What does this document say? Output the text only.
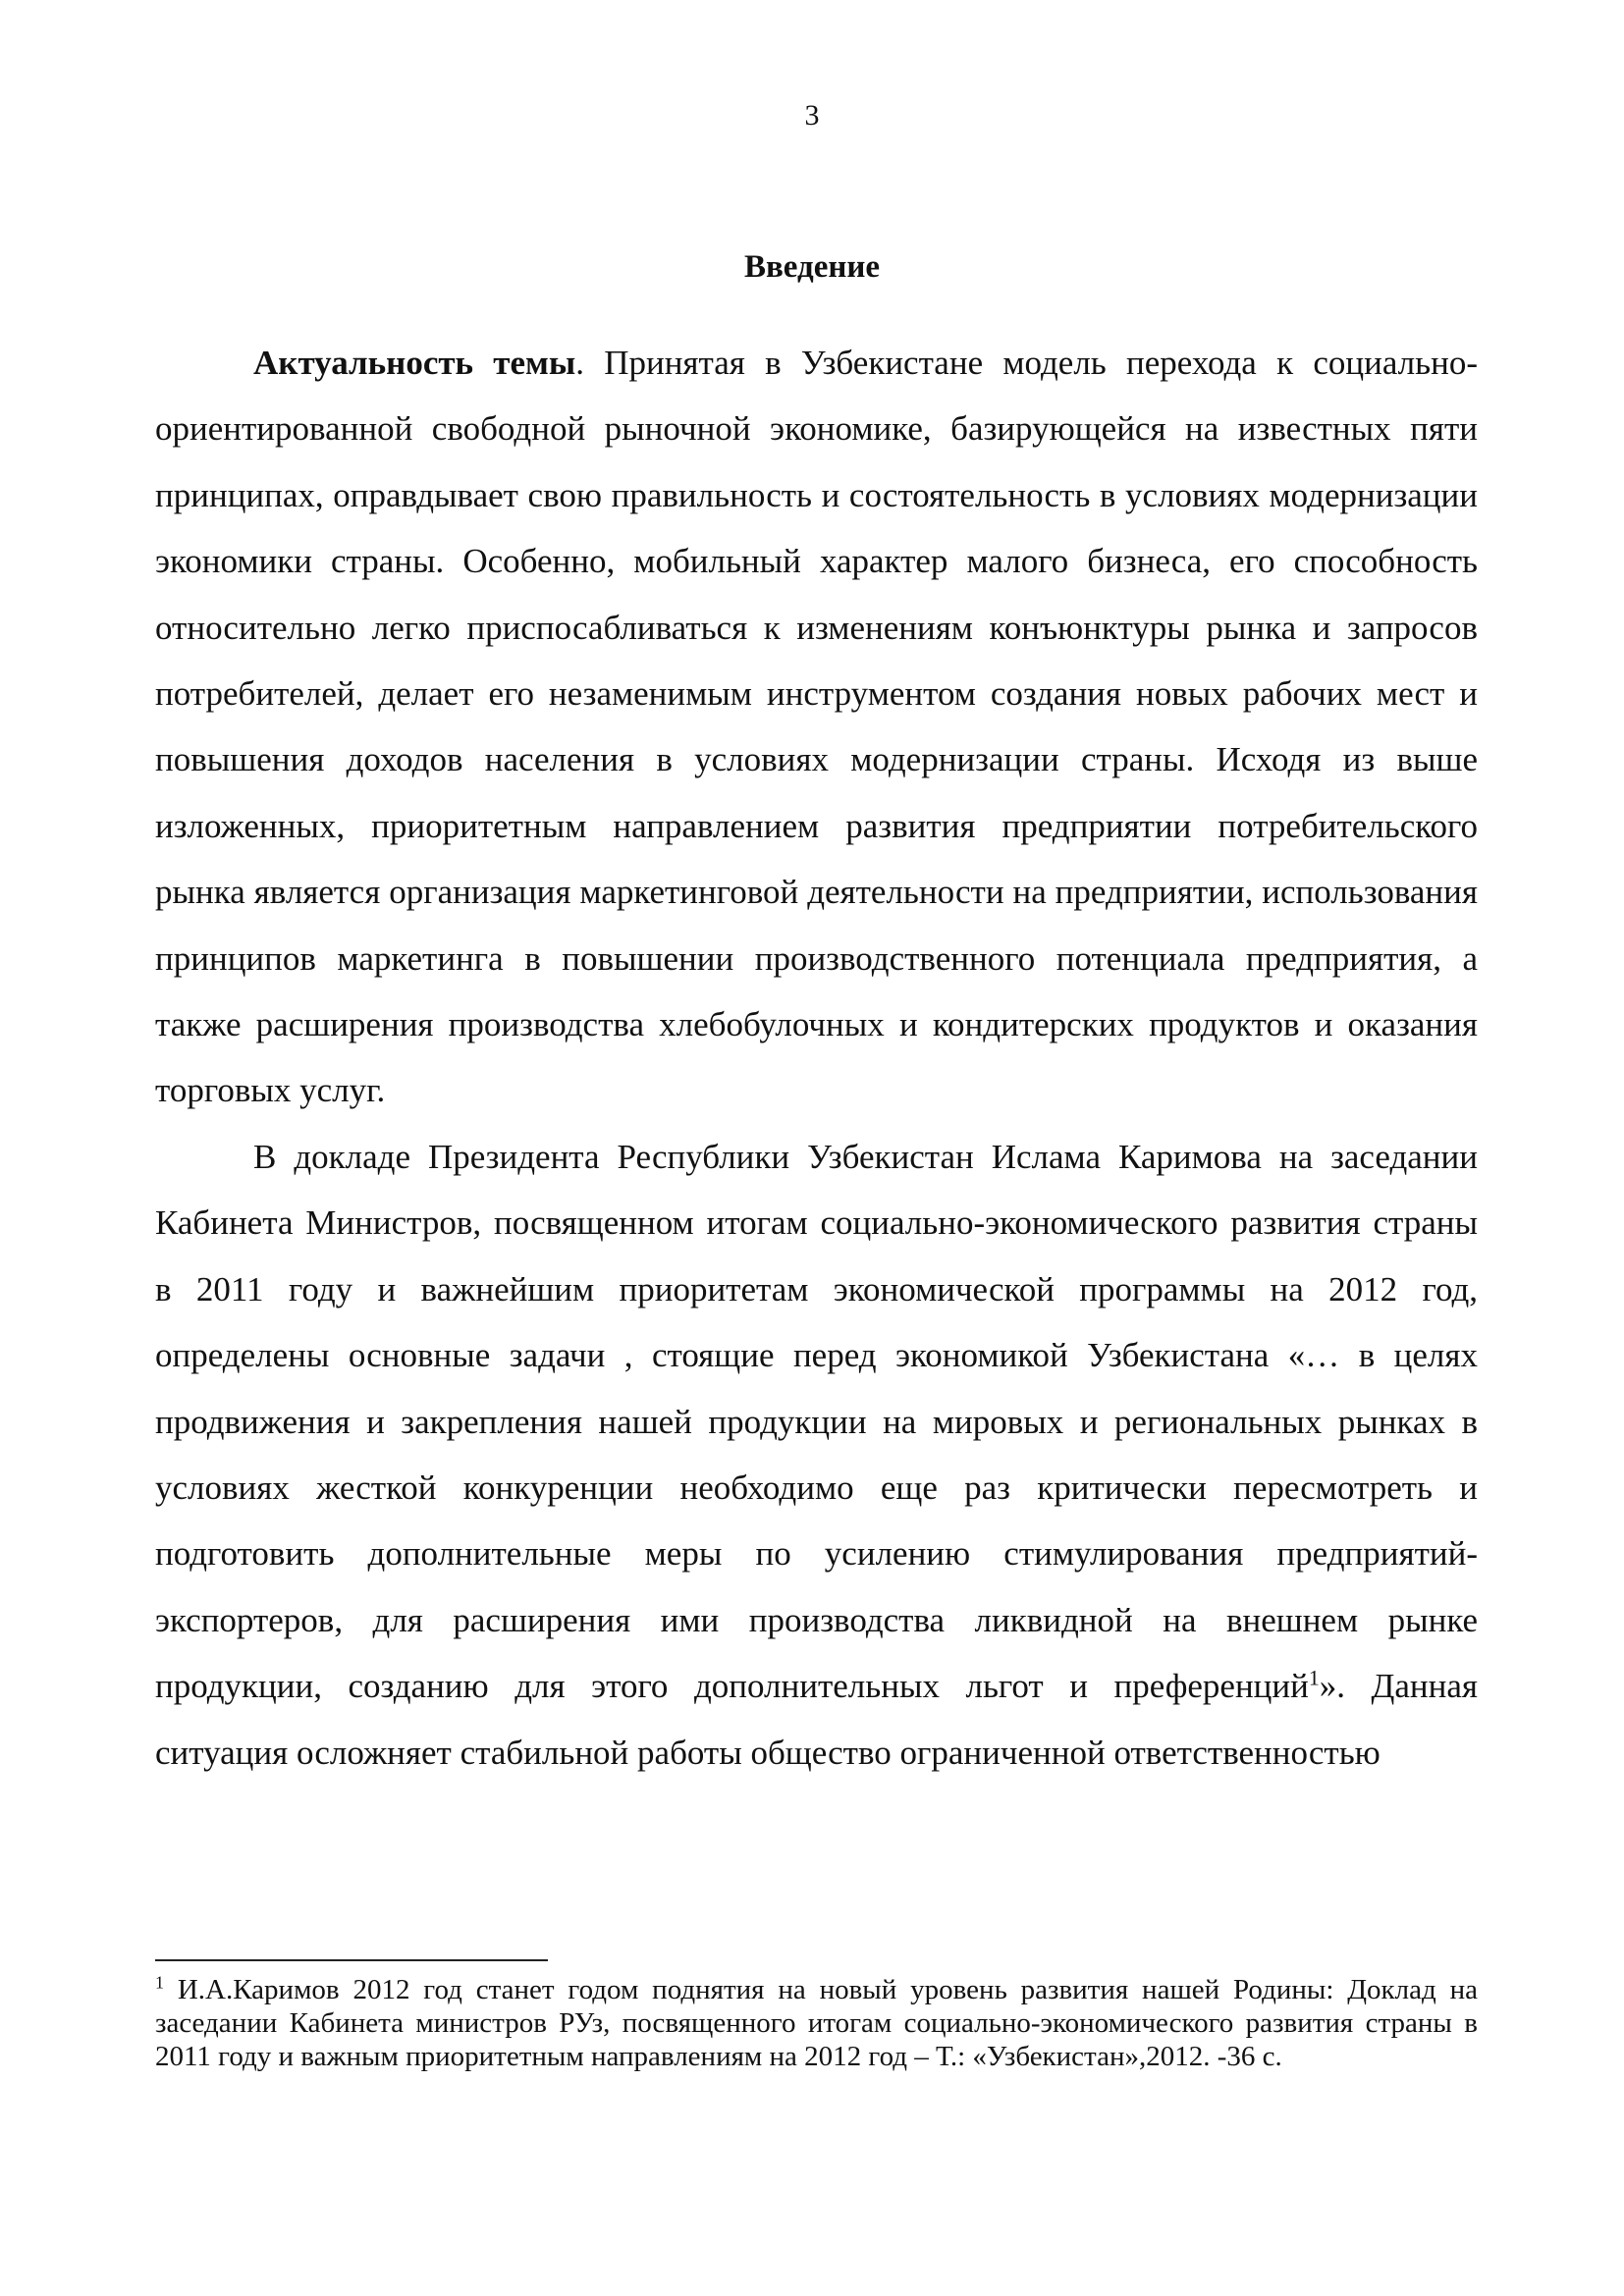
3
Введение

Актуальность темы. Принятая в Узбекистане модель перехода к социально-ориентированной свободной рыночной экономике, базирующейся на известных пяти принципах, оправдывает свою правильность и состоятельность в условиях модернизации экономики страны. Особенно, мобильный характер малого бизнеса, его способность относительно легко приспосабливаться к изменениям конъюнктуры рынка и запросов потребителей, делает его незаменимым инструментом создания новых рабочих мест и повышения доходов населения в условиях модернизации страны. Исходя из выше изложенных, приоритетным направлением развития предприятии потребительского рынка является организация маркетинговой деятельности на предприятии, использования принципов маркетинга в повышении производственного потенциала предприятия, а также расширения производства хлебобулочных и кондитерских продуктов и оказания торговых услуг.

В докладе Президента Республики Узбекистан Ислама Каримова на заседании Кабинета Министров, посвященном итогам социально-экономического развития страны в 2011 году и важнейшим приоритетам экономической программы на 2012 год, определены основные задачи , стоящие перед экономикой Узбекистана «… в целях продвижения и закрепления нашей продукции на мировых и региональных рынках в условиях жесткой конкуренции необходимо еще раз критически пересмотреть и подготовить дополнительные меры по усилению стимулирования предприятий-экспортеров, для расширения ими производства ликвидной на внешнем рынке продукции, созданию для этого дополнительных льгот и преференций$^1$». Данная ситуация осложняет стабильной работы общество ограниченной ответственностью

$^1$ И.А.Каримов 2012 год станет годом поднятия на новый уровень развития нашей Родины: Доклад на заседании Кабинета министров РУз, посвященного итогам социально-экономического развития страны в 2011 году и важным приоритетным направлениям на 2012 год – Т.: «Узбекистан»,2012. -36 с.
